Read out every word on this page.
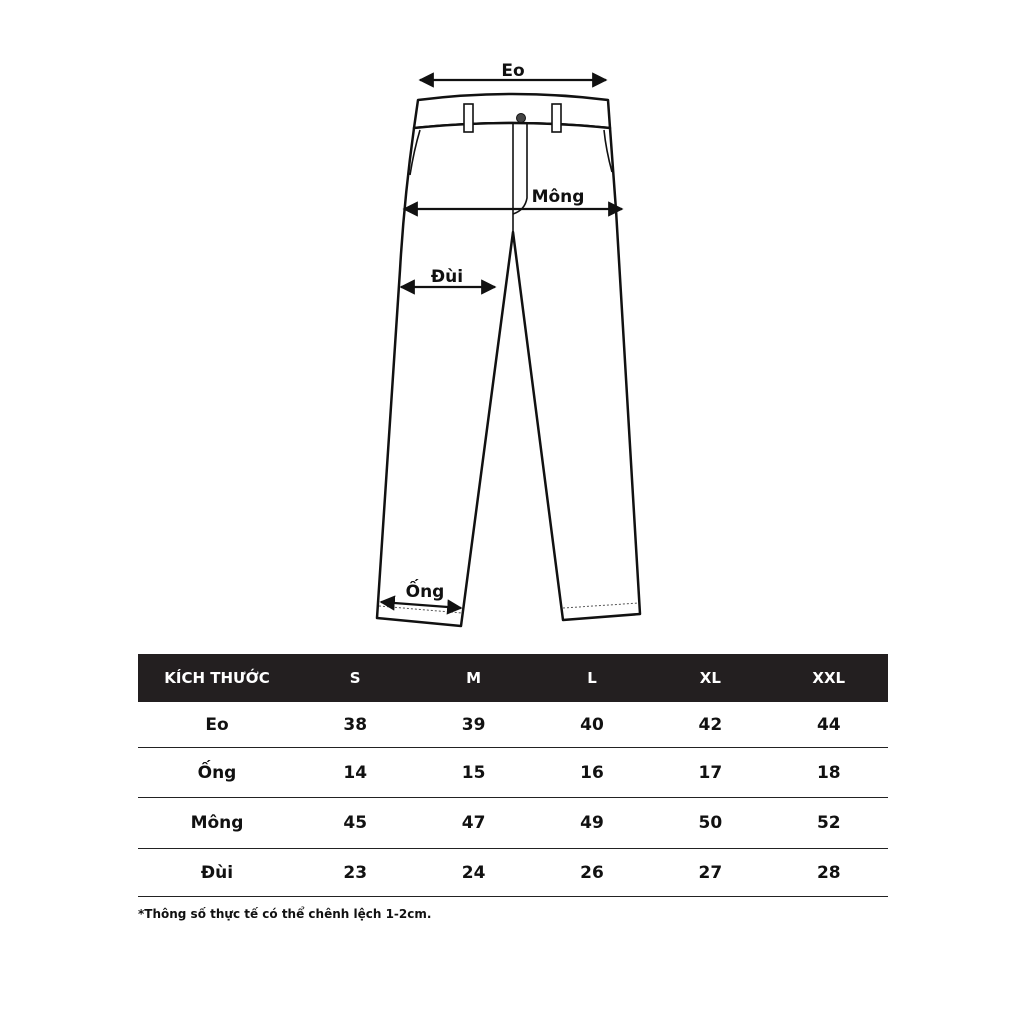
Eo
Mông
Đùi
Ống
KÍCH THƯỚC	S	M	L	XL	XXL
Eo	38	39	40	42	44
Ống	14	15	16	17	18
Mông	45	47	49	50	52
Đùi	23	24	26	27	28
*Thông số thực tế có thể chênh lệch 1-2cm.
